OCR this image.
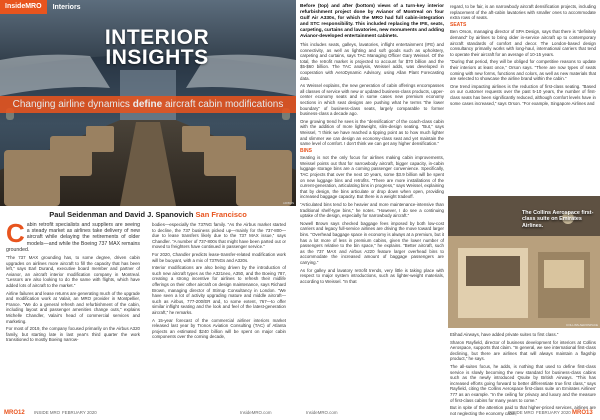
InsideMRO	Interiors
INTERIOR
INSIGHTS
Changing airline dynamics define aircraft cabin modifications
AIRBUS
Paul Seidenman and David J. Spanovich San Francisco

Cabin retrofit specialists and suppliers are seeing a steady market as airlines take delivery of new aircraft while delaying the retirements of older models—and while the Boeing 737 MAX remains grounded.

“The 737 MAX grounding has, to some degree, driven cabin upgrades on airlines more aircraft to fill the capacity that has been left,” says Earl Durand, executive board member and partner of Avianor, an aircraft interior modification company in Montreal. “Lessors are also looking to do the same with flights, which have added lots of aircraft to the market.”

Airline failures and lease returns are generating much of the upgrade and modification work at Valair, an MRO provider in Montpellier, France. “We do a general refresh and refurbishment of the cabin, including layout and passenger amenities change outs,” explains Michelle Chandler, Valair's head of commercial services and marketing.

For most of 2019, the company focused primarily on the Airbus A320 family, but starting late in last year's third quarter the work transitioned to mostly Boeing narrow-

bodies—especially the 737NG family. “As the Airbus market started to decline, the 737 business picked up—mainly for the 737-800—due to lease transfers likely due to the 737 MAX issue,” says Chandler. “A number of 737-800s that might have been parted out or moved to freighters have continued in passenger service.”

For 2020, Chandler predicts lease-transfer-related modification work will be buoyant, with a mix of 737NGs and A320s.

Interior modifications are also being driven by the introduction of such new aircraft types as the A321neo, A350, and the Boeing 787, creating a strong incentive for airlines to refresh their midlife offerings on their other aircraft on design maintenance, says Richard Brown, managing director of Stirrup Consultancy in London. “We have seen a lot of activity upgrading mature and middle aircraft—such as Airbus, 777-200/ER and, to some extent, 767—to offer similar inflight seating and the look and feel of the latest-generation aircraft,” he remarks.

A 15-year forecast of the commercial airliner interiors market released last year by Tronos Aviation Consulting (TAC) of Atlanta projects an estimated $240 billion will be spent on major cabin components over the coming decade,

Before (top) and after (bottom) views of a turn-key interior refurbishment project done by Avianor of Montreal on four Gulf Air A330s, for which the MRO had full cabin-integration and STC responsibility. This included replacing the IFE, seats, carpeting, curtains and lavatories, new monuments and adding Avianor-developed entertainment cabinets.

This includes seats, galleys, lavatories, inflight entertainment (IFE) and connectivity, as well as lighting and soft goods such as upholstery, carpeting and curtains, says TAC Managing Officer Gary Weissel. Of the total, the retrofit market is projected to account for $70 billion and the $5-$60 billion. The TAC analysis, Weissel adds, was developed in cooperation with AeroDynamic Advisory, using Allan Plant Forecasting data.

As Weissel explains, the new generation of cabin offerings encompasses all classes of service with new or updated business-class products, upper-center economy seats and in some cases new premium economy sections in which seat designs are pushing what he terms “the lower boundary” of business-class seats, largely comparable to former business-class a decade ago.

One growing trend he sees is the “densification” of the coach-class cabin with the addition of more lightweight, slim-design seating. “But,” says Weissel, “I think we have reached a tipping point as to how much lighter and slimmer we can design an economy-class seat and yet maintain the same level of comfort. I don't think we can get any higher densification.”

BINS

Seating is not the only focus for airlines making cabin improvements, Weissel points out that for narrowbody aircraft, bigger capacity, in-cabin luggage storage bins are a coming passenger convenience. Specifically, TAC projects that over the next 10 years, some $3.9 billion will be spent on new luggage bins and retrofits. “There are more installations of the current-generation, articulating bins in progress,” says Weissel, explaining that by design, the bins articulate or drop down when open, providing increased baggage capacity. But there is a weight tradeoff.

“Articulated bins tend to be heavier and more maintenance-intensive than traditional shelf-type bins,” he notes. “However, I do see a continuing uptake of the design, especially for narrowbody aircraft.”

Nowell Brown says checked baggage fees imposed by both low-cost carriers and legacy full-service airlines are driving the move toward larger bins. “Overhead baggage space in economy is always at a premium, but it has a lot more of less in premium cabins, given the lower number of passengers relative to the bin space,” he explains. “Better aircraft, such as the 737 MAX and Airbus A220 feature larger overhead bins to accommodate the increased amount of baggage passengers are carrying.”

As for galley and lavatory retrofit trends, very little is taking place with respect to major system introductions, such as lighter-weight materials, according to Weissel. “In that

regard, to be fair, is an narrowbody aircraft densification projects, including replacement of the aft-cabin lavatories with smaller ones to accommodate extra rows of seats.

SEATS

Ben Orson, managing director of SPA Design, says that there is “definitely demand” by airlines to bring older in-service aircraft up to contemporary aircraft standards of comfort and decor. The London-based design consultancy primarily works with long-haul, international carriers that tend to operate their aircraft for an average of 10-15 years.

“During that period, they will be obliged for competitive reasons to update their interiors at least once,” Orson says. “There are now types of seats coming with new forms, functions and colors, as well as new materials that are selected to showcase the airline brand within the cabin.”

One trend impacting airlines is the reduction of first-class seating. “Based on our customer requests over the past 5-10 years, the number of first-class seats has been significantly reduced, although comfort levels have in some cases increased,” says Orson. “For example, Singapore Airlines and

The Collins Aerospace first-class suite on Emirates Airlines.
COLLINS AEROSPACE

Etihad Airways, have added private suites to first class.”

Sharon Rayfield, director of business development for interiors at Collins Aerospace, supports that claim. “In general, we see international first-class declining, but there are airlines that will always maintain a flagship product,” he says.

The all-suites focus, he adds, is nothing that used to define first-class service is slowly becoming the new standard for business-class cabins such as the newly introduced Qsuite by British Airways. “This has increased efforts going forward to better differentiate true first class,” says Rayfield, citing the Collins Aerospace first-class suite on Emirates Airlines' 777 as an example. “In the ceiling for privacy and luxury and the measure of first-class cabins for many years to come.”

But in spite of the attention paid to that higher-priced services, airlines are not neglecting the economy cabin,

MRO12 INSIDE MRO FEBRUARY 2020	InsideMRO.com	InsideMRO.com	INSIDE MRO FEBRUARY 2020 MRO13
